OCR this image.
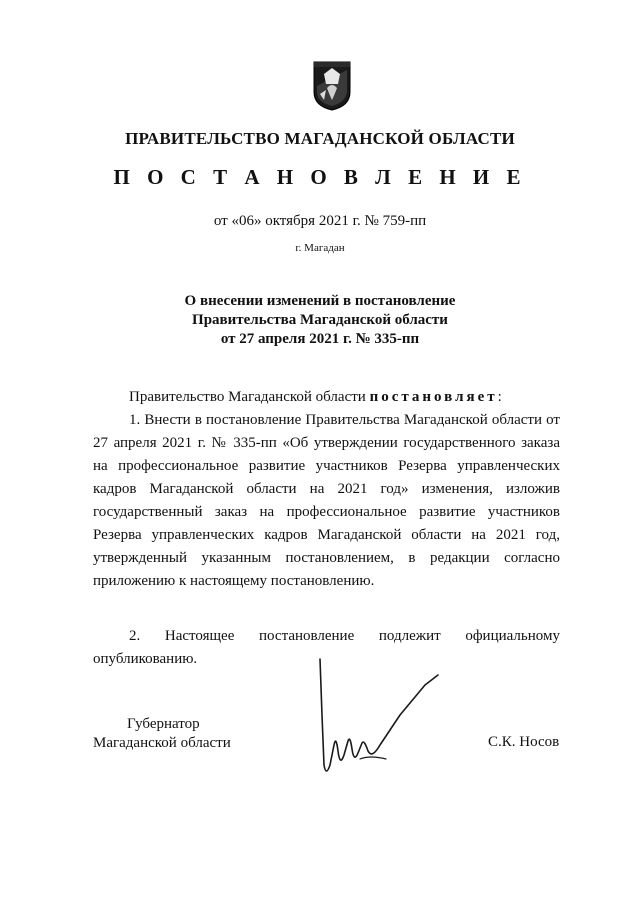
ПРАВИТЕЛЬСТВО МАГАДАНСКОЙ ОБЛАСТИ
П О С Т А Н О В Л Е Н И Е
от «06» октября 2021 г. № 759-пп
г. Магадан
О внесении изменений в постановление
Правительства Магаданской области
от 27 апреля 2021 г. № 335-пп
Правительство Магаданской области постановляет:
1. Внести в постановление Правительства Магаданской области от 27 апреля 2021 г. № 335-пп «Об утверждении государственного заказа на профессиональное развитие участников Резерва управленческих кадров Магаданской области на 2021 год» изменения, изложив государственный заказ на профессиональное развитие участников Резерва управленческих кадров Магаданской области на 2021 год, утвержденный указанным постановлением, в редакции согласно приложению к настоящему постановлению.
2. Настоящее постановление подлежит официальному опубликованию.
Губернатор
Магаданской области	С.К. Носов
